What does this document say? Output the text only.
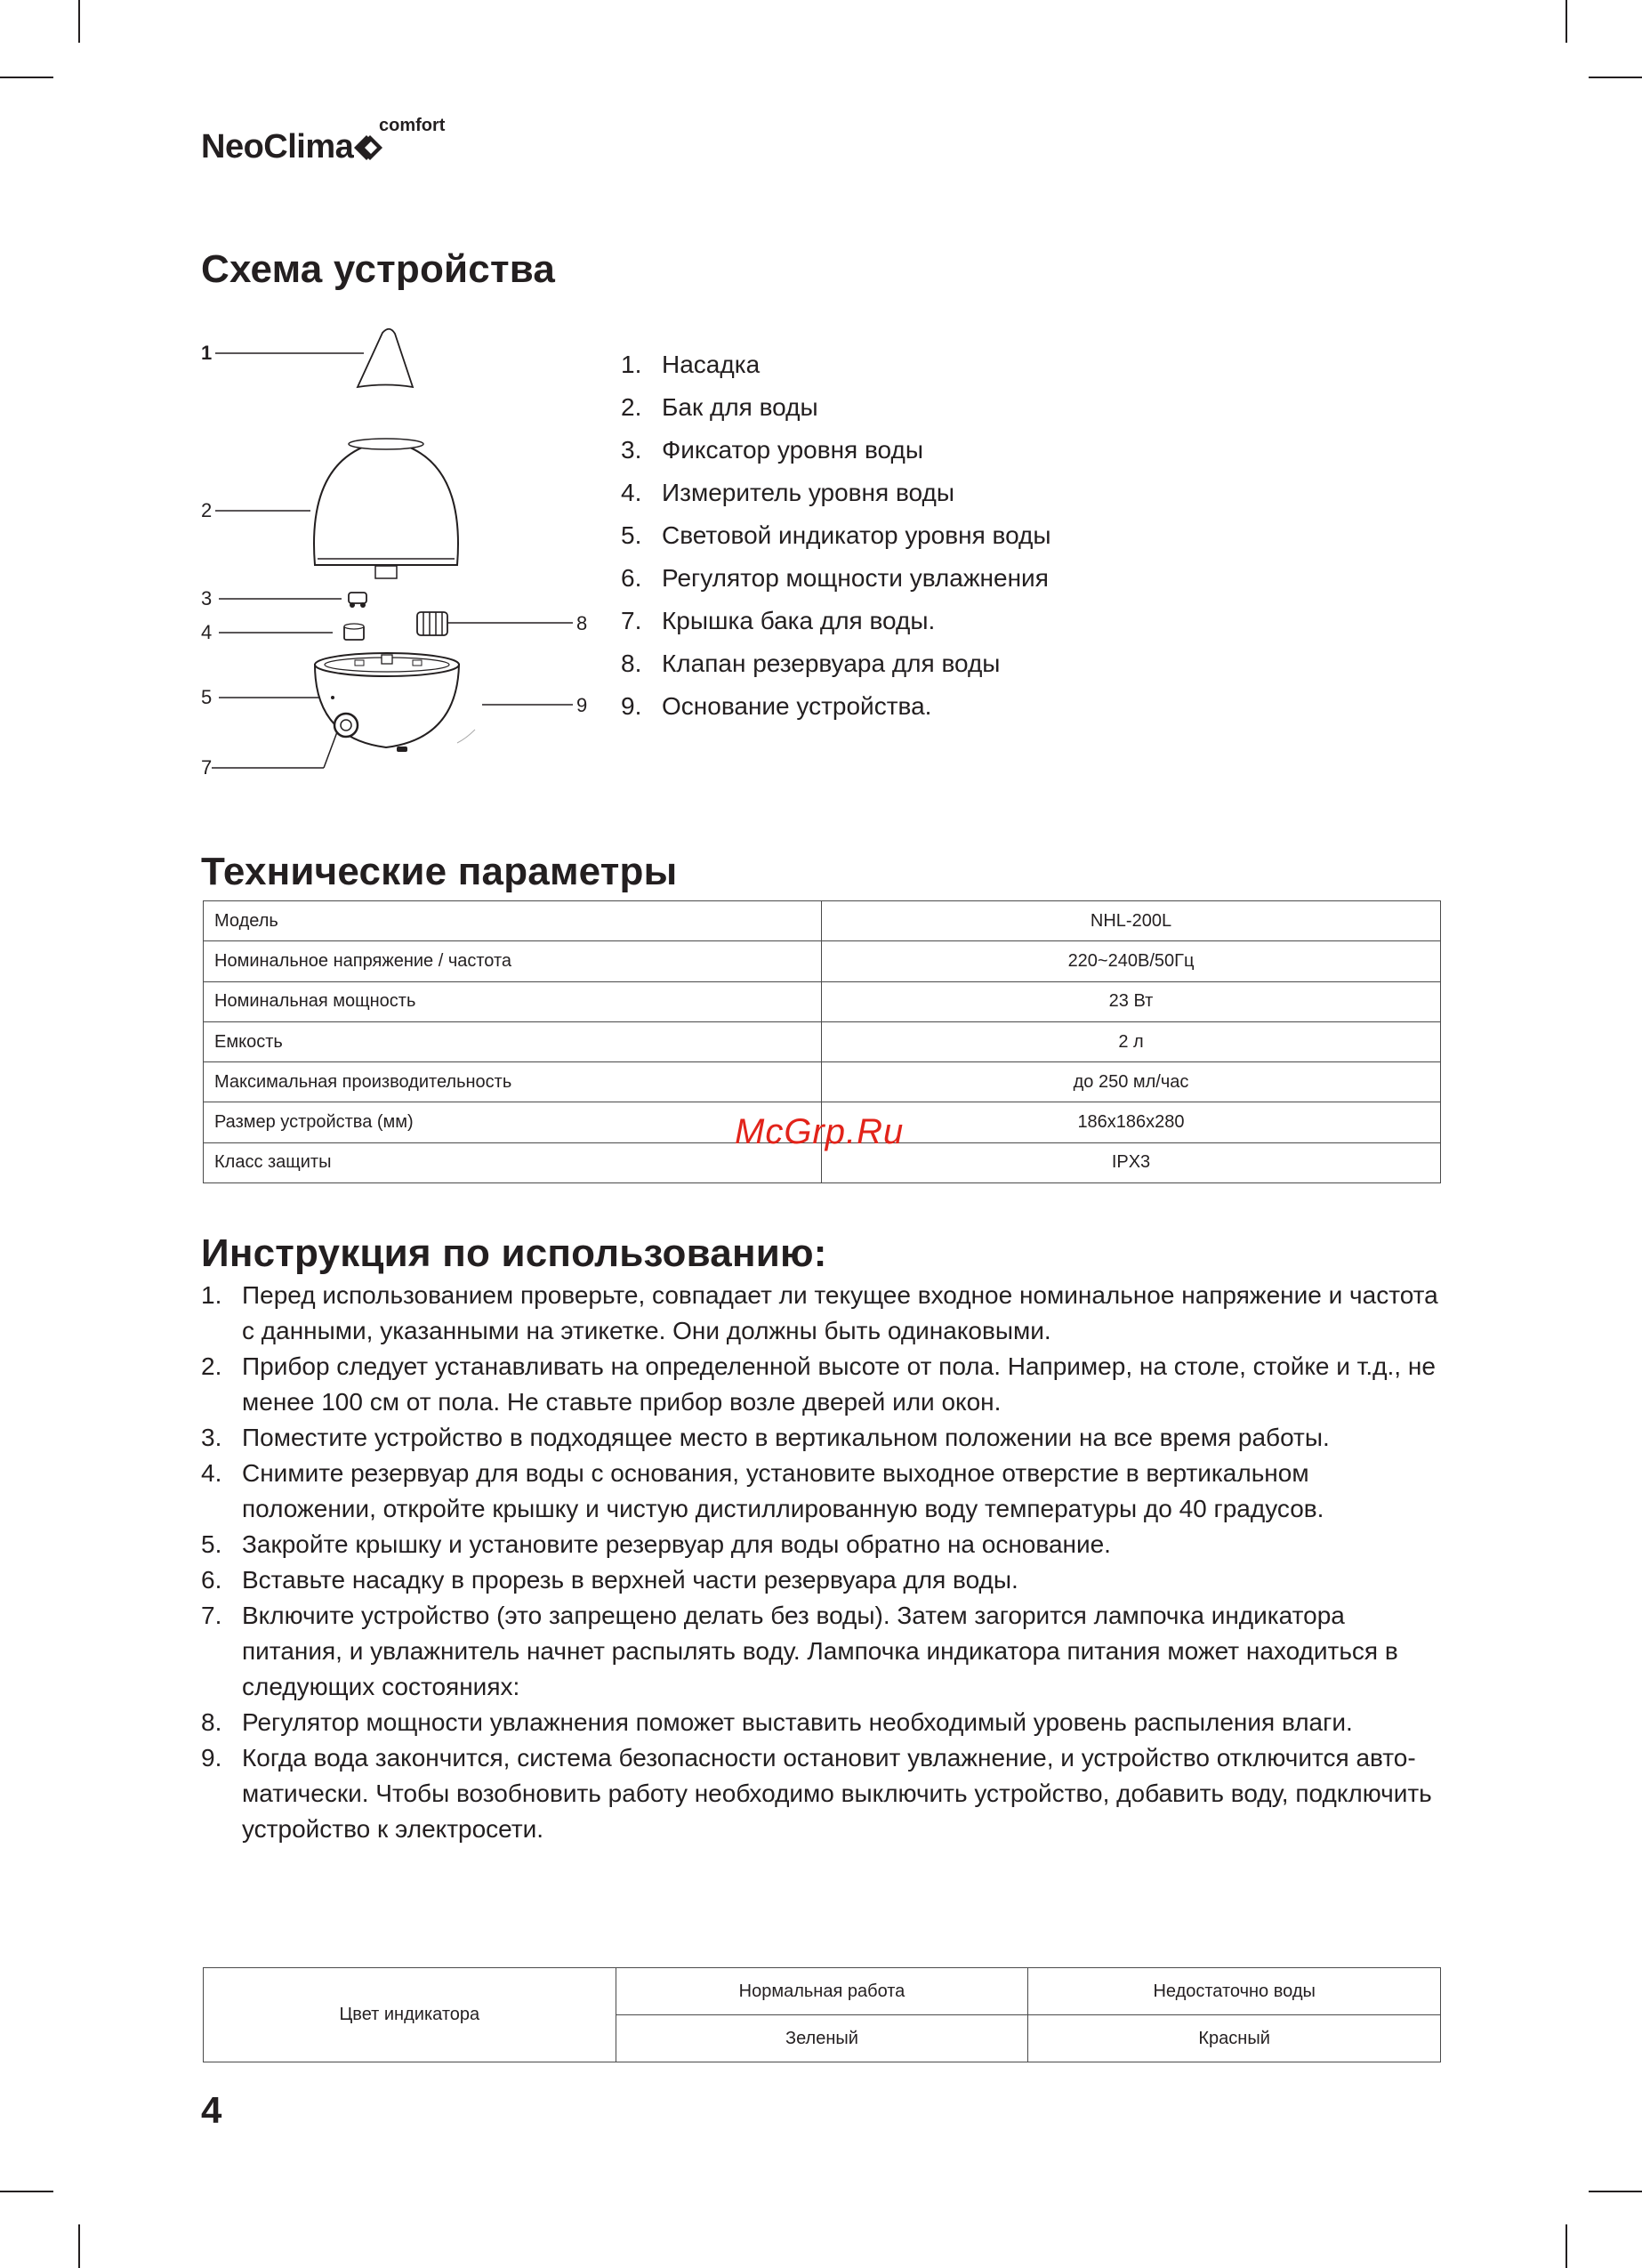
NeoClima
comfort
Схема устройства
1
2
3
4
5
7
8
9
1. Насадка
2. Бак для воды
3. Фиксатор уровня воды
4. Измеритель уровня воды
5. Световой индикатор уровня воды
6. Регулятор мощности увлажнения
7. Крышка бака для воды.
8. Клапан резервуара для воды
9. Основание устройства.
Технические параметры
Модель	NHL-200L
Номинальное напряжение / частота	220~240В/50Гц
Номинальная мощность	23 Вт
Емкость	2 л
Максимальная производительность	до 250 мл/час
Размер устройства (мм)	186x186x280
Класс защиты	IPX3
McGrp.Ru
Инструкция по использованию:
1. Перед использованием проверьте, совпадает ли текущее входное номинальное напряжение и частота с данными, указанными на этикетке. Они должны быть одинаковыми.
2. Прибор следует устанавливать на определенной высоте от пола. Например, на столе, стойке и т.д., не менее 100 см от пола. Не ставьте прибор возле дверей или окон.
3. Поместите устройство в подходящее место в вертикальном положении на все время работы.
4. Снимите резервуар для воды с основания, установите выходное отверстие в вертикальном положении, откройте крышку и чистую дистиллированную воду температуры до 40 градусов.
5. Закройте крышку и установите резервуар для воды обратно на основание.
6. Вставьте насадку в прорезь в верхней части резервуара для воды.
7. Включите устройство (это запрещено делать без воды). Затем загорится лампочка индикатора питания, и увлажнитель начнет распылять воду. Лампочка индикатора питания может находиться в следующих состояниях:
8. Регулятор мощности увлажнения поможет выставить необходимый уровень распыления влаги.
9. Когда вода закончится, система безопасности остановит увлажнение, и устройство отключится авто-матически. Чтобы возобновить работу необходимо выключить устройство, добавить воду, подключить устройство к электросети.
Цвет индикатора	Нормальная работа	Недостаточно воды
	Зеленый	Красный
4
